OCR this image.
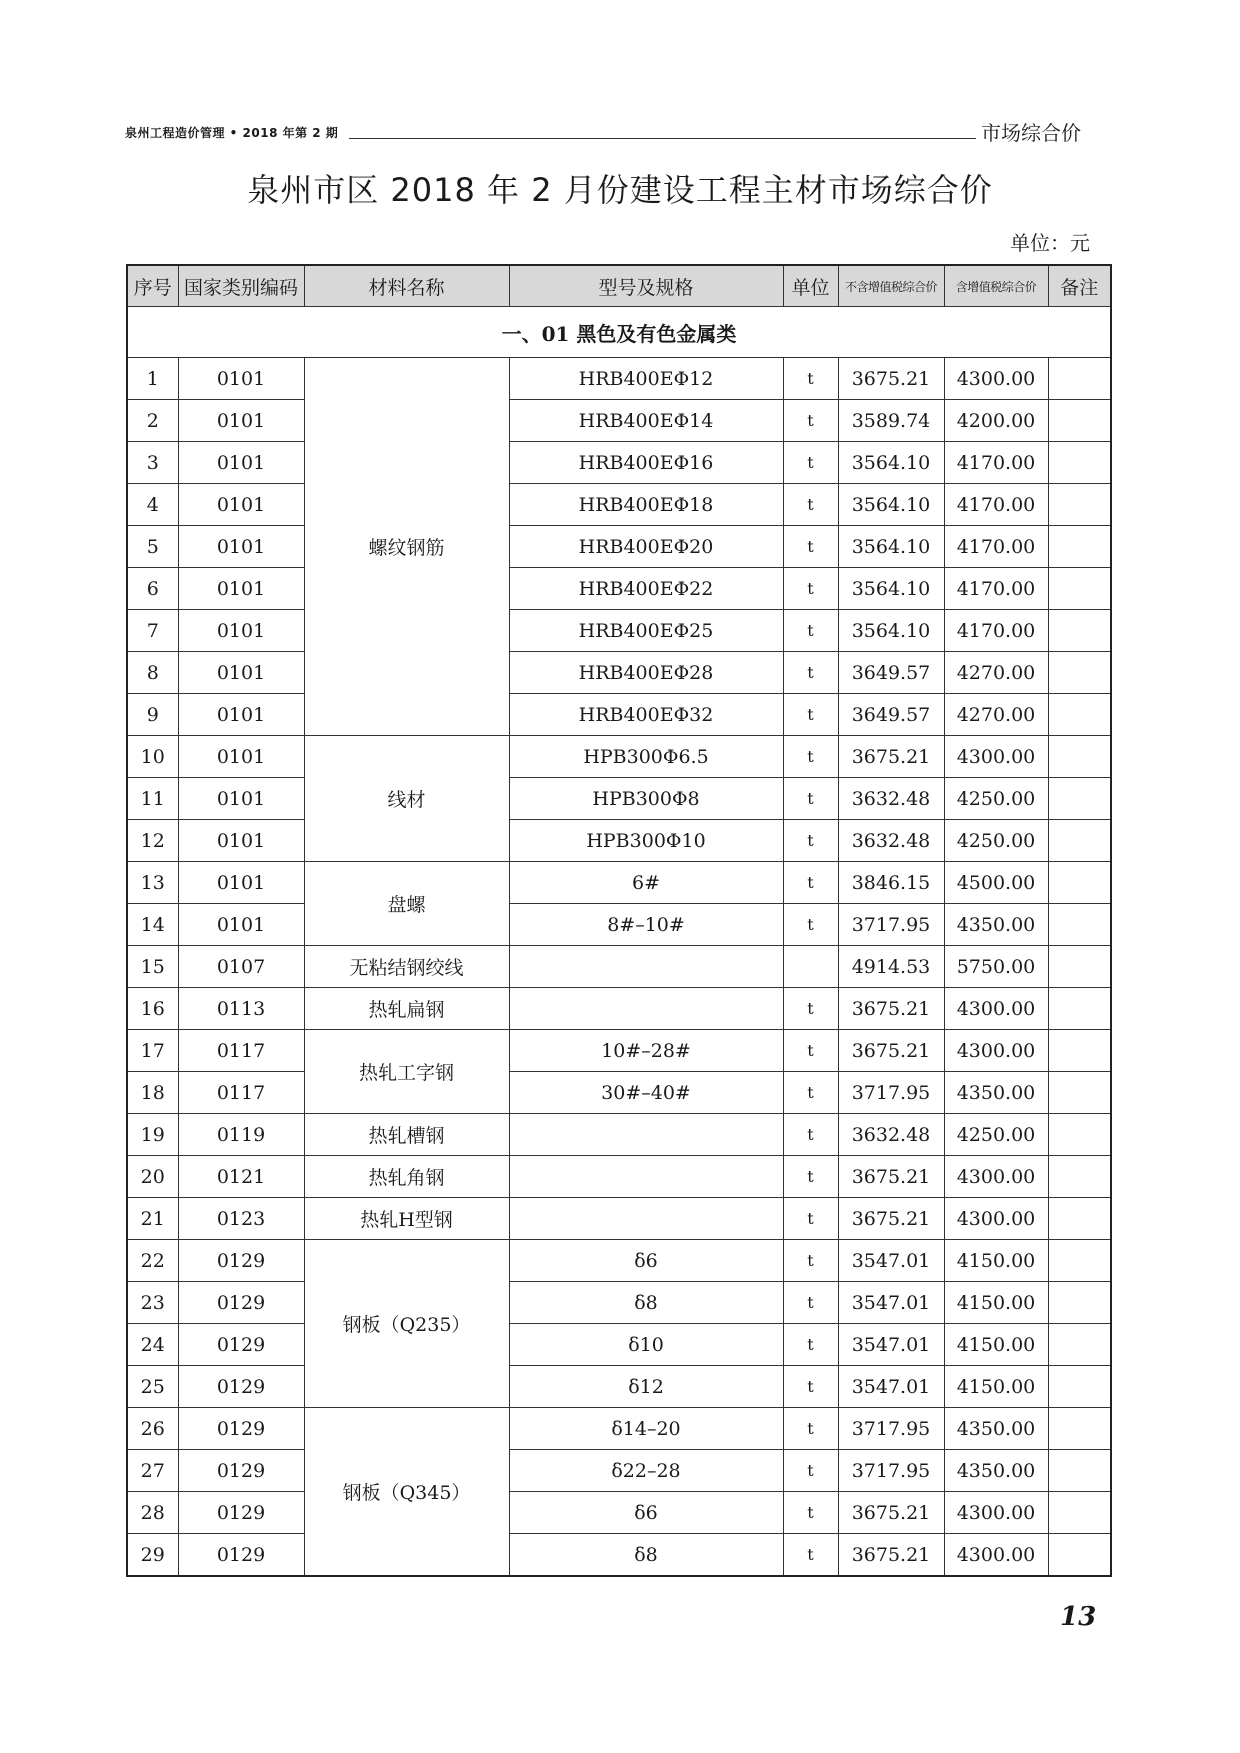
泉州工程造价管理 • 2018 年第 2 期	市场综合价
泉州市区 2018 年 2 月份建设工程主材市场综合价
单位：元
序号	国家类别编码	材料名称	型号及规格	单位	不含增值税综合价	含增值税综合价	备注
一、01 黑色及有色金属类							
1	0101	螺纹钢筋	HRB400EΦ12	t	3675.21	4300.00	
2	0101		HRB400EΦ14	t	3589.74	4200.00	
3	0101		HRB400EΦ16	t	3564.10	4170.00	
4	0101		HRB400EΦ18	t	3564.10	4170.00	
5	0101		HRB400EΦ20	t	3564.10	4170.00	
6	0101		HRB400EΦ22	t	3564.10	4170.00	
7	0101		HRB400EΦ25	t	3564.10	4170.00	
8	0101		HRB400EΦ28	t	3649.57	4270.00	
9	0101		HRB400EΦ32	t	3649.57	4270.00	
10	0101	线材	HPB300Φ6.5	t	3675.21	4300.00	
11	0101		HPB300Φ8	t	3632.48	4250.00	
12	0101		HPB300Φ10	t	3632.48	4250.00	
13	0101	盘螺	6#	t	3846.15	4500.00	
14	0101		8#–10#	t	3717.95	4350.00	
15	0107	无粘结钢绞线			4914.53	5750.00	
16	0113	热轧扁钢		t	3675.21	4300.00	
17	0117	热轧工字钢	10#–28#	t	3675.21	4300.00	
18	0117		30#–40#	t	3717.95	4350.00	
19	0119	热轧槽钢		t	3632.48	4250.00	
20	0121	热轧角钢		t	3675.21	4300.00	
21	0123	热轧H型钢		t	3675.21	4300.00	
22	0129	钢板（Q235）	δ6	t	3547.01	4150.00	
23	0129		δ8	t	3547.01	4150.00	
24	0129		δ10	t	3547.01	4150.00	
25	0129		δ12	t	3547.01	4150.00	
26	0129	钢板（Q345）	δ14–20	t	3717.95	4350.00	
27	0129		δ22–28	t	3717.95	4350.00	
28	0129		δ6	t	3675.21	4300.00	
29	0129		δ8	t	3675.21	4300.00	
13
